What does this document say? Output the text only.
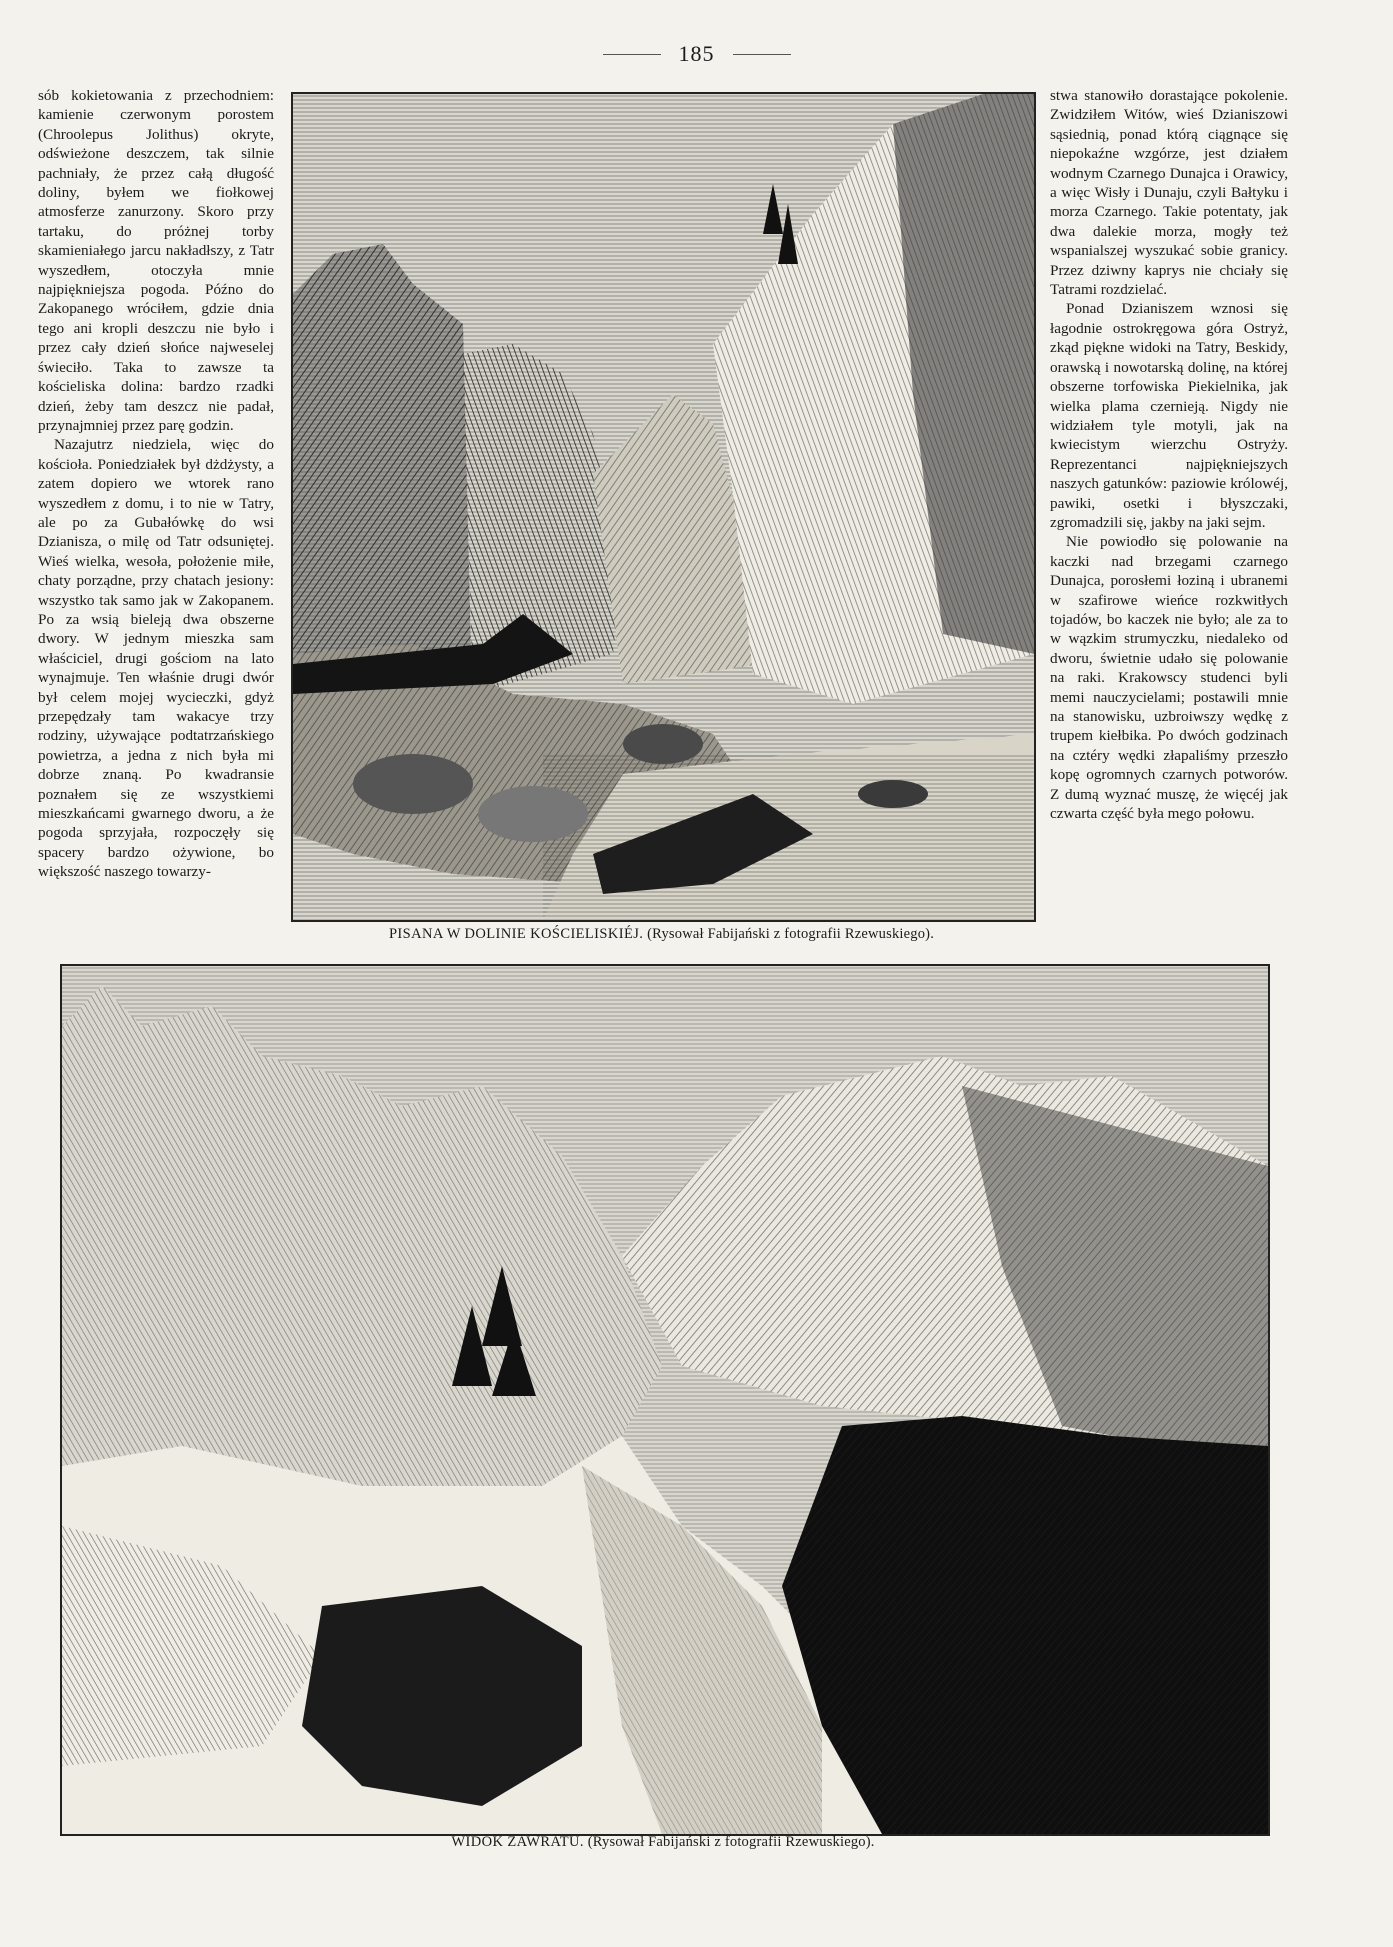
185

sób kokietowania z przechodniem: kamienie czerwonym porostem (Chroolepus Jolithus) okryte, odświeżone deszczem, tak silnie pachniały, że przez całą długość doliny, byłem we fiołkowej atmosferze zanurzony. Skoro przy tartaku, do próżnej torby skamieniałego jarcu nakładłszy, z Tatr wyszedłem, otoczyła mnie najpiękniejsza pogoda. Późno do Zakopanego wróciłem, gdzie dnia tego ani kropli deszczu nie było i przez cały dzień słońce najweselej świeciło. Taka to zawsze ta kościeliska dolina: bardzo rzadki dzień, żeby tam deszcz nie padał, przynajmniej przez parę godzin.

Nazajutrz niedziela, więc do kościoła. Poniedziałek był dżdżysty, a zatem dopiero we wtorek rano wyszedłem z domu, i to nie w Tatry, ale po za Gubałówkę do wsi Dzianisza, o milę od Tatr odsuniętej. Wieś wielka, wesoła, położenie miłe, chaty porządne, przy chatach jesiony: wszystko tak samo jak w Zakopanem. Po za wsią bieleją dwa obszerne dwory. W jednym mieszka sam właściciel, drugi gościom na lato wynajmuje. Ten właśnie drugi dwór był celem mojej wycieczki, gdyż przepędzały tam wakacye trzy rodziny, używające podtatrzańskiego powietrza, a jedna z nich była mi dobrze znaną. Po kwadransie poznałem się ze wszystkiemi mieszkańcami gwarnego dworu, a że pogoda sprzyjała, rozpoczęły się spacery bardzo ożywione, bo większość naszego towarzy-

PISANA W DOLINIE KOŚCIELISKIÉJ. (Rysował Fabijański z fotografii Rzewuskiego).

stwa stanowiło dorastające pokolenie. Zwidziłem Witów, wieś Dzianiszowi sąsiednią, ponad którą ciągnące się niepokaźne wzgórze, jest działem wodnym Czarnego Dunajca i Orawicy, a więc Wisły i Dunaju, czyli Bałtyku i morza Czarnego. Takie potentaty, jak dwa dalekie morza, mogły też wspanialszej wyszukać sobie granicy. Przez dziwny kaprys nie chciały się Tatrami rozdzielać.

Ponad Dzianiszem wznosi się łagodnie ostrokręgowa góra Ostryż, zkąd piękne widoki na Tatry, Beskidy, orawską i nowotarską dolinę, na której obszerne torfowiska Piekielnika, jak wielka plama czernieją. Nigdy nie widziałem tyle motyli, jak na kwiecistym wierzchu Ostryży. Reprezentanci najpiękniejszych naszych gatunków: paziowie królowéj, pawiki, osetki i błyszczaki, zgromadzili się, jakby na jaki sejm.

Nie powiodło się polowanie na kaczki nad brzegami czarnego Dunajca, porosłemi łoziną i ubranemi w szafirowe wieńce rozkwitłych tojadów, bo kaczek nie było; ale za to w wązkim strumyczku, niedaleko od dworu, świetnie udało się polowanie na raki. Krakowscy studenci byli memi nauczycielami; postawili mnie na stanowisku, uzbroiwszy wędkę z trupem kiełbika. Po dwóch godzinach na cztéry wędki złapaliśmy przeszło kopę ogromnych czarnych potworów. Z dumą wyznać muszę, że więcéj jak czwarta część była mego połowu.

WIDOK ZAWRATU. (Rysował Fabijański z fotografii Rzewuskiego).
